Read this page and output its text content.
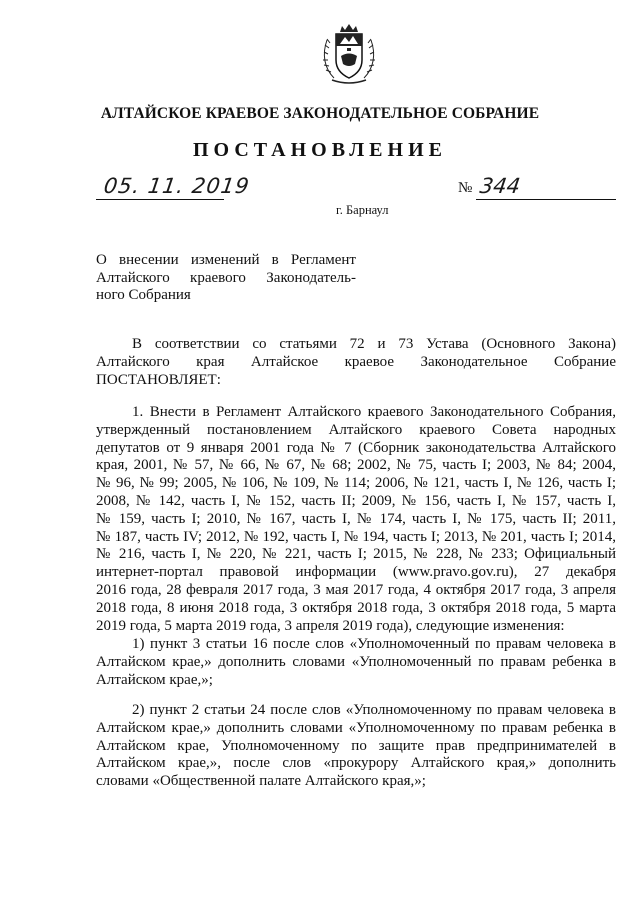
АЛТАЙСКОЕ КРАЕВОЕ ЗАКОНОДАТЕЛЬНОЕ СОБРАНИЕ
ПОСТАНОВЛЕНИЕ
05. 11. 2019	№ 344
г. Барнаул
О внесении изменений в Регламент
Алтайского краевого Законодатель-
ного Собрания
В соответствии со статьями 72 и 73 Устава (Основного Закона)
Алтайского края Алтайское краевое Законодательное Собрание
ПОСТАНОВЛЯЕТ:
1. Внести в Регламент Алтайского краевого Законодательного Собрания,
утвержденный постановлением Алтайского краевого Совета народных
депутатов от 9 января 2001 года № 7 (Сборник законодательства Алтайского
края, 2001, № 57, № 66, № 67, № 68; 2002, № 75, часть I; 2003, № 84; 2004,
№ 96, № 99; 2005, № 106, № 109, № 114; 2006, № 121, часть I, № 126, часть I;
2008, № 142, часть I, № 152, часть II; 2009, № 156, часть I, № 157, часть I,
№ 159, часть I; 2010, № 167, часть I, № 174, часть I, № 175, часть II; 2011,
№ 187, часть IV; 2012, № 192, часть I, № 194, часть I; 2013, № 201, часть I; 2014,
№ 216, часть I, № 220, № 221, часть I; 2015, № 228, № 233; Официальный
интернет-портал правовой информации (www.pravo.gov.ru), 27 декабря
2016 года, 28 февраля 2017 года, 3 мая 2017 года, 4 октября 2017 года, 3 апреля
2018 года, 8 июня 2018 года, 3 октября 2018 года, 3 октября 2018 года, 5 марта
2019 года, 5 марта 2019 года, 3 апреля 2019 года), следующие изменения:
1) пункт 3 статьи 16 после слов «Уполномоченный по правам человека в
Алтайском крае,» дополнить словами «Уполномоченный по правам ребенка в
Алтайском крае,»;
2) пункт 2 статьи 24 после слов «Уполномоченному по правам человека в
Алтайском крае,» дополнить словами «Уполномоченному по правам ребенка в
Алтайском крае, Уполномоченному по защите прав предпринимателей в
Алтайском крае,», после слов «прокурору Алтайского края,» дополнить
словами «Общественной палате Алтайского края,»;
